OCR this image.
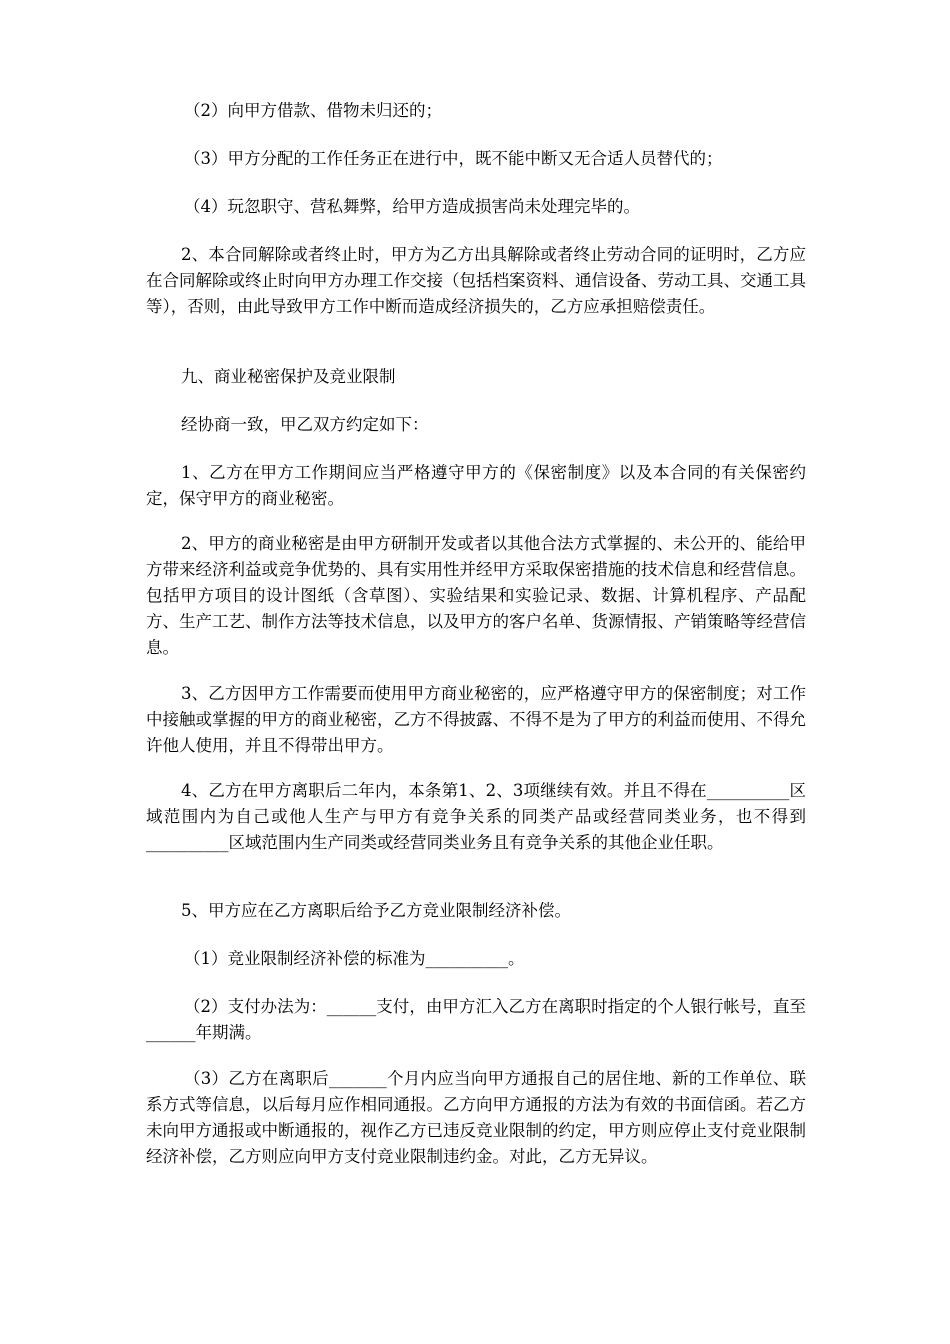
（2）向甲方借款、借物未归还的；

（3）甲方分配的工作任务正在进行中，既不能中断又无合适人员替代的；

（4）玩忽职守、营私舞弊，给甲方造成损害尚未处理完毕的。

2、本合同解除或者终止时，甲方为乙方出具解除或者终止劳动合同的证明时，乙方应在合同解除或终止时向甲方办理工作交接（包括档案资料、通信设备、劳动工具、交通工具等），否则，由此导致甲方工作中断而造成经济损失的，乙方应承担赔偿责任。

九、商业秘密保护及竞业限制

经协商一致，甲乙双方约定如下：

1、乙方在甲方工作期间应当严格遵守甲方的《保密制度》以及本合同的有关保密约定，保守甲方的商业秘密。

2、甲方的商业秘密是由甲方研制开发或者以其他合法方式掌握的、未公开的、能给甲方带来经济利益或竞争优势的、具有实用性并经甲方采取保密措施的技术信息和经营信息。包括甲方项目的设计图纸（含草图）、实验结果和实验记录、数据、计算机程序、产品配方、生产工艺、制作方法等技术信息，以及甲方的客户名单、货源情报、产销策略等经营信息。

3、乙方因甲方工作需要而使用甲方商业秘密的，应严格遵守甲方的保密制度；对工作中接触或掌握的甲方的商业秘密，乙方不得披露、不得不是为了甲方的利益而使用、不得允许他人使用，并且不得带出甲方。

4、乙方在甲方离职后二年内，本条第1、2、3项继续有效。并且不得在__________区域范围内为自己或他人生产与甲方有竞争关系的同类产品或经营同类业务，也不得到__________区域范围内生产同类或经营同类业务且有竞争关系的其他企业任职。

5、甲方应在乙方离职后给予乙方竞业限制经济补偿。

（1）竞业限制经济补偿的标准为__________。

（2）支付办法为：______支付，由甲方汇入乙方在离职时指定的个人银行帐号，直至______年期满。

（3）乙方在离职后_______个月内应当向甲方通报自己的居住地、新的工作单位、联系方式等信息，以后每月应作相同通报。乙方向甲方通报的方法为有效的书面信函。若乙方未向甲方通报或中断通报的，视作乙方已违反竞业限制的约定，甲方则应停止支付竞业限制经济补偿，乙方则应向甲方支付竞业限制违约金。对此，乙方无异议。
